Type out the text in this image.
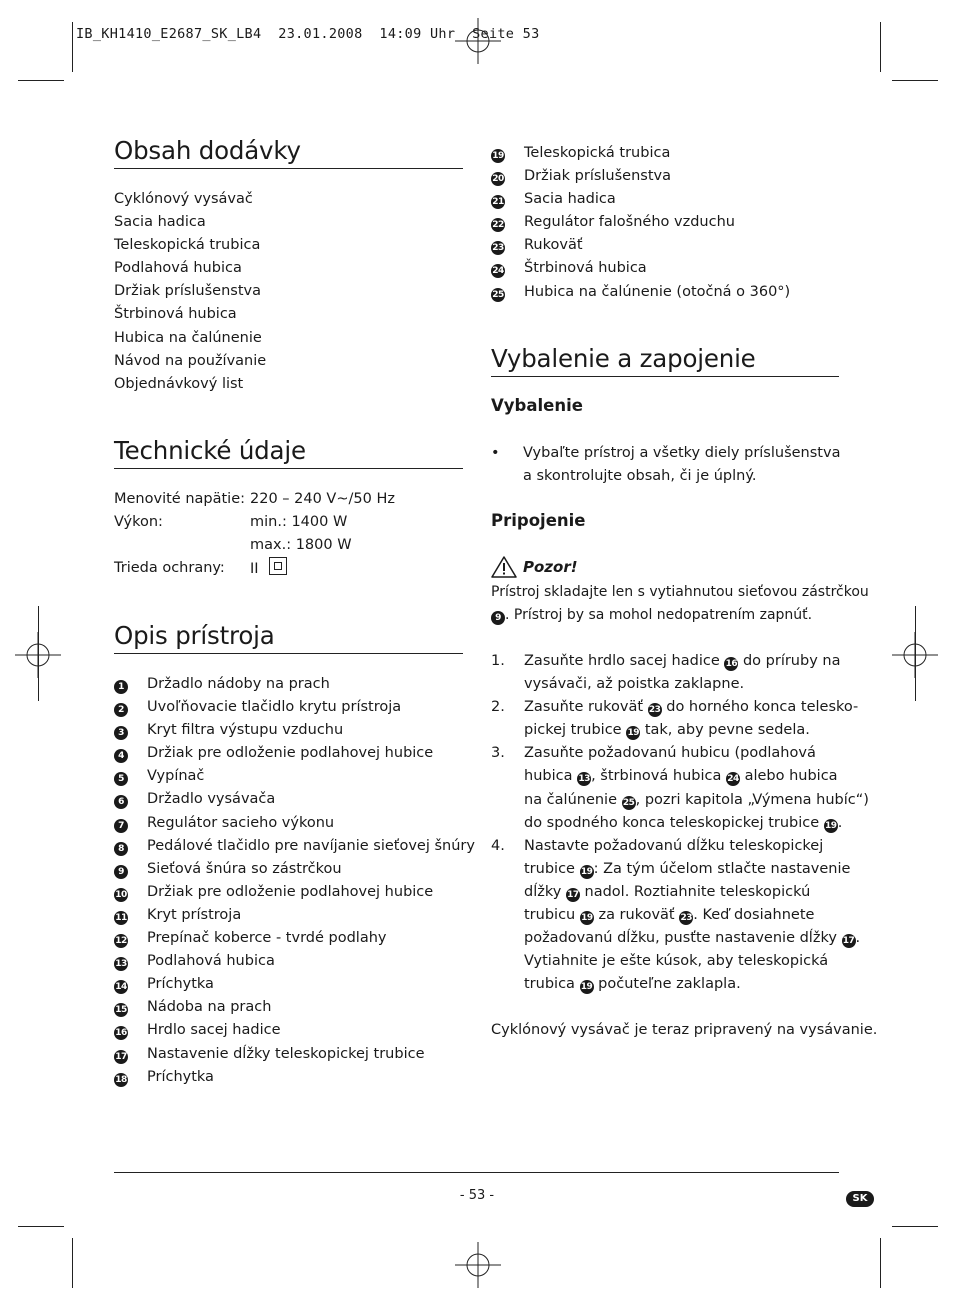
IB_KH1410_E2687_SK_LB4  23.01.2008  14:09 Uhr  Seite 53
Obsah dodávky
Cyklónový vysávač
Sacia hadica
Teleskopická trubica
Podlahová hubica
Držiak príslušenstva
Štrbinová hubica
Hubica na čalúnenie
Návod na používanie
Objednávkový list
Technické údaje
Menovité napätie:	220 – 240 V~/50 Hz
Výkon:	min.: 1400 W
	max.: 1800 W
Trieda ochrany:	II
Opis prístroja
1 Držadlo nádoby na prach
2 Uvoľňovacie tlačidlo krytu prístroja
3 Kryt filtra výstupu vzduchu
4 Držiak pre odloženie podlahovej hubice
5 Vypínač
6 Držadlo vysávača
7 Regulátor sacieho výkonu
8 Pedálové tlačidlo pre navíjanie sieťovej šnúry
9 Sieťová šnúra so zástrčkou
10 Držiak pre odloženie podlahovej hubice
11 Kryt prístroja
12 Prepínač koberce - tvrdé podlahy
13 Podlahová hubica
14 Príchytka
15 Nádoba na prach
16 Hrdlo sacej hadice
17 Nastavenie dĺžky teleskopickej trubice
18 Príchytka
19 Teleskopická trubica
20 Držiak príslušenstva
21 Sacia hadica
22 Regulátor falošného vzduchu
23 Rukoväť
24 Štrbinová hubica
25 Hubica na čalúnenie (otočná o 360°)
Vybalenie a zapojenie
Vybalenie
•	Vybaľte prístroj a všetky diely príslušenstva
a skontrolujte obsah, či je úplný.
Pripojenie
Pozor!
Prístroj skladajte len s vytiahnutou sieťovou zástrčkou
9 . Prístroj by sa mohol nedopatrením zapnúť.
1.	Zasuňte hrdlo sacej hadice 16 do príruby na
vysávači, až poistka zaklapne.
2.	Zasuňte rukoväť 23 do horného konca telesko-
pickej trubice 19 tak, aby pevne sedela.
3.	Zasuňte požadovanú hubicu (podlahová
hubica 13, štrbinová hubica 24 alebo hubica
na čalúnenie 25, pozri kapitola „Výmena hubíc“)
do spodného konca teleskopickej trubice 19.
4.	Nastavte požadovanú dĺžku teleskopickej
trubice 19: Za tým účelom stlačte nastavenie
dĺžky 17 nadol. Roztiahnite teleskopickú
trubicu 19 za rukoväť 23. Keď dosiahnete
požadovanú dĺžku, pusťte nastavenie dĺžky 17.
Vytiahnite je ešte kúsok, aby teleskopická
trubica 19 počuteľne zaklapla.
Cyklónový vysávač je teraz pripravený na vysávanie.
- 53 -	SK
